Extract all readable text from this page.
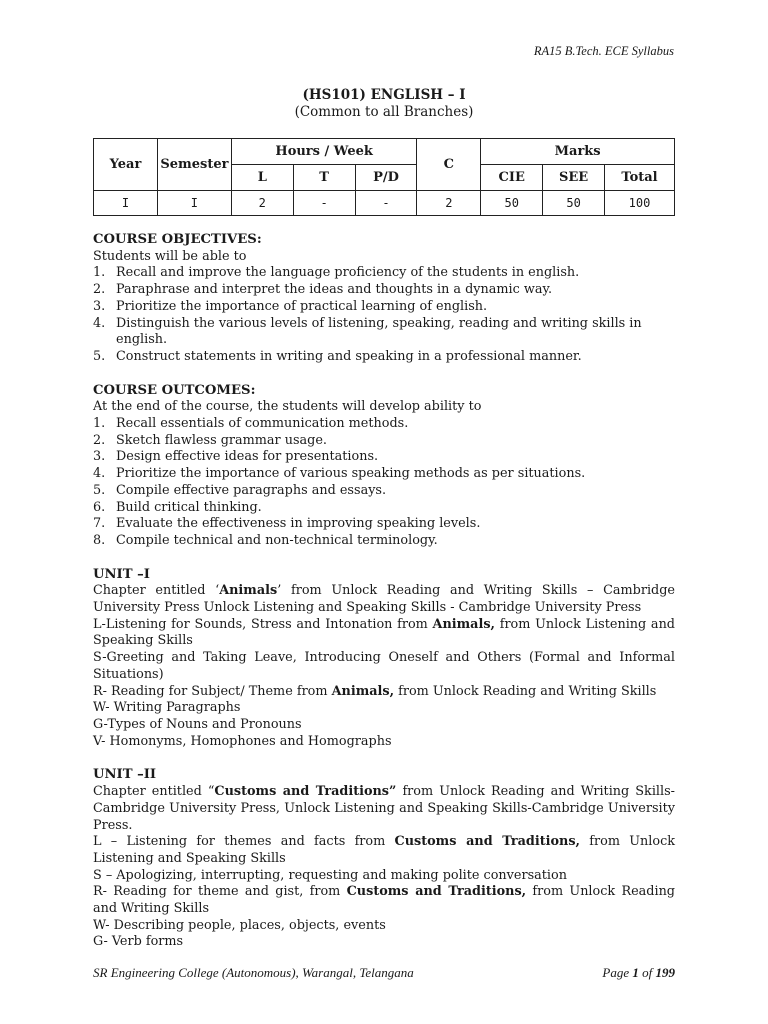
RA15 B.Tech. ECE Syllabus
(HS101) ENGLISH – I
(Common to all Branches)
Year	Semester	Hours / Week			C	Marks		
		L	T	P/D		CIE	SEE	Total
I	I	2	-	-	2	50	50	100
COURSE OBJECTIVES:
Students will be able to
1. Recall and improve the language proficiency of the students in english.
2. Paraphrase and interpret the ideas and thoughts in a dynamic way.
3. Prioritize the importance of practical learning of english.
4. Distinguish the various levels of listening, speaking, reading and writing skills in english.
5. Construct statements in writing and speaking in a professional manner.
COURSE OUTCOMES:
At the end of the course, the students will develop ability to
1. Recall essentials of communication methods.
2. Sketch flawless grammar usage.
3. Design effective ideas for presentations.
4. Prioritize the importance of various speaking methods as per situations.
5. Compile effective paragraphs and essays.
6. Build critical thinking.
7. Evaluate the effectiveness in improving speaking levels.
8. Compile technical and non-technical terminology.
UNIT –I
Chapter entitled ‘Animals’ from Unlock Reading and Writing Skills – Cambridge University Press Unlock Listening and Speaking Skills - Cambridge University Press
L-Listening for Sounds, Stress and Intonation from Animals, from Unlock Listening and Speaking Skills
S-Greeting and Taking Leave, Introducing Oneself and Others (Formal and Informal Situations)
R- Reading for Subject/ Theme from Animals, from Unlock Reading and Writing Skills
W- Writing Paragraphs
G-Types of Nouns and Pronouns
V- Homonyms, Homophones and Homographs
UNIT –II
Chapter entitled “Customs and Traditions” from Unlock Reading and Writing Skills-Cambridge University Press, Unlock Listening and Speaking Skills-Cambridge University Press.
L – Listening for themes and facts from Customs and Traditions, from Unlock Listening and Speaking Skills
S – Apologizing, interrupting, requesting and making polite conversation
R- Reading for theme and gist, from Customs and Traditions, from Unlock Reading and Writing Skills
W- Describing people, places, objects, events
G- Verb forms
SR Engineering College (Autonomous), Warangal, Telangana	Page 1 of 199
